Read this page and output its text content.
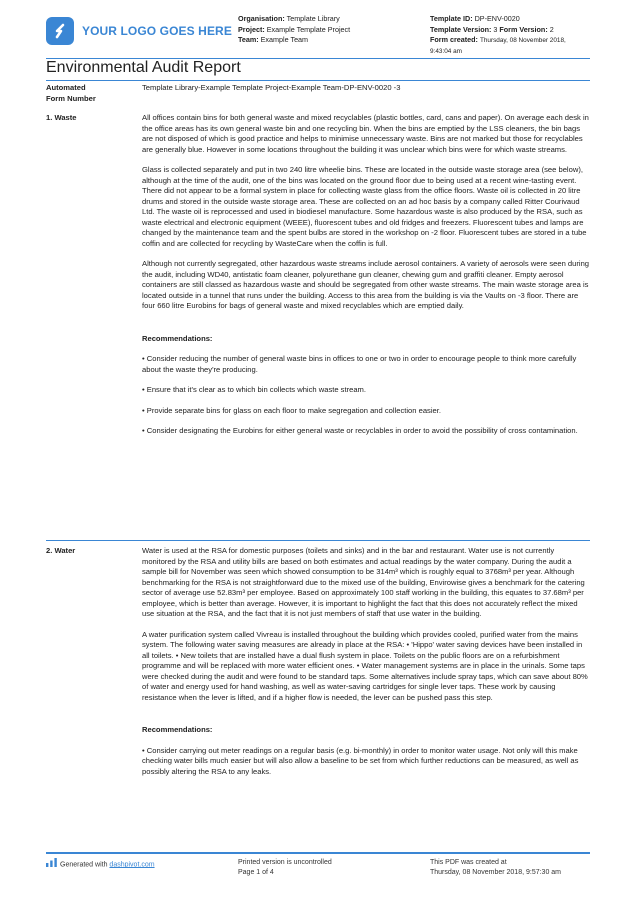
YOUR LOGO GOES HERE
Organisation: Template Library
Project: Example Template Project
Team: Example Team
Template ID: DP-ENV-0020
Template Version: 3 Form Version: 2
Form created: Thursday, 08 November 2018,
9:43:04 am
Environmental Audit Report
Automated
Form Number
Template Library-Example Template Project-Example Team-DP-ENV-0020 -3
1. Waste	All offices contain bins for both general waste and mixed recyclables (plastic bottles, card, cans and paper). On average each desk in the office areas has its own general waste bin and one recycling bin. When the bins are emptied by the LSS cleaners, the bin bags are not disposed of which is good practice and helps to minimise unnecessary waste. Bins are not marked but those for recyclables are generally blue. However in some locations throughout the building it was unclear which bins were for which waste streams.

Glass is collected separately and put in two 240 litre wheelie bins. These are located in the outside waste storage area (see below), although at the time of the audit, one of the bins was located on the ground floor due to being used at a recent wine-tasting event. There did not appear to be a formal system in place for collecting waste glass from the office floors. Waste oil is collected in 20 litre drums and stored in the outside waste storage area. These are collected on an ad hoc basis by a company called Ritter Courivaud Ltd. The waste oil is reprocessed and used in biodiesel manufacture. Some hazardous waste is also produced by the RSA, such as waste electrical and electronic equipment (WEEE), fluorescent tubes and old fridges and freezers. Fluorescent tubes and lamps are changed by the maintenance team and the spent bulbs are stored in the workshop on -2 floor. Fluorescent tubes are stored in a tube coffin and are collected for recycling by WasteCare when the coffin is full.

Although not currently segregated, other hazardous waste streams include aerosol containers. A variety of aerosols were seen during the audit, including WD40, antistatic foam cleaner, polyurethane gun cleaner, chewing gum and graffiti cleaner. Empty aerosol containers are still classed as hazardous waste and should be segregated from other waste streams. The main waste storage area is located outside in a tunnel that runs under the building. Access to this area from the building is via the Vaults on -3 floor. There are four 660 litre Eurobins for bags of general waste and mixed recyclables which are emptied daily.

Recommendations:

• Consider reducing the number of general waste bins in offices to one or two in order to encourage people to think more carefully about the waste they're producing.

• Ensure that it's clear as to which bin collects which waste stream.

• Provide separate bins for glass on each floor to make segregation and collection easier.

• Consider designating the Eurobins for either general waste or recyclables in order to avoid the possibility of cross contamination.

2. Water	Water is used at the RSA for domestic purposes (toilets and sinks) and in the bar and restaurant. Water use is not currently monitored by the RSA and utility bills are based on both estimates and actual readings by the water company. During the audit a sample bill for November was seen which showed consumption to be 314m³ which is roughly equal to 3768m³ per year. Although benchmarking for the RSA is not straightforward due to the mixed use of the building, Envirowise gives a benchmark for the catering sector of average use 52.83m³ per employee. Based on approximately 100 staff working in the building, this equates to 37.68m³ per employee, which is better than average. However, it is important to highlight the fact that this does not accurately reflect the mixed use situation at the RSA, and the fact that it is not just members of staff that use water in the building.

A water purification system called Vivreau is installed throughout the building which provides cooled, purified water from the mains system. The following water saving measures are already in place at the RSA: • 'Hippo' water saving devices have been installed in all toilets. • New toilets that are installed have a dual flush system in place. Toilets on the public floors are on a refurbishment programme and will be replaced with more water efficient ones. • Water management systems are in place in the urinals. Some taps were checked during the audit and were found to be standard taps. Some alternatives include spray taps, which can save about 80% of water and energy used for hand washing, as well as water-saving cartridges for single lever taps. These work by causing resistance when the lever is lifted, and if a higher flow is needed, the lever can be pushed pass this step.

Recommendations:

• Consider carrying out meter readings on a regular basis (e.g. bi-monthly) in order to monitor water usage. Not only will this make checking water bills much easier but will also allow a baseline to be set from which further reductions can be measured, as well as possibly altering the RSA to any leaks.

Generated with dashpivot.com	Printed version is uncontrolled
Page 1 of 4
This PDF was created at
Thursday, 08 November 2018, 9:57:30 am
